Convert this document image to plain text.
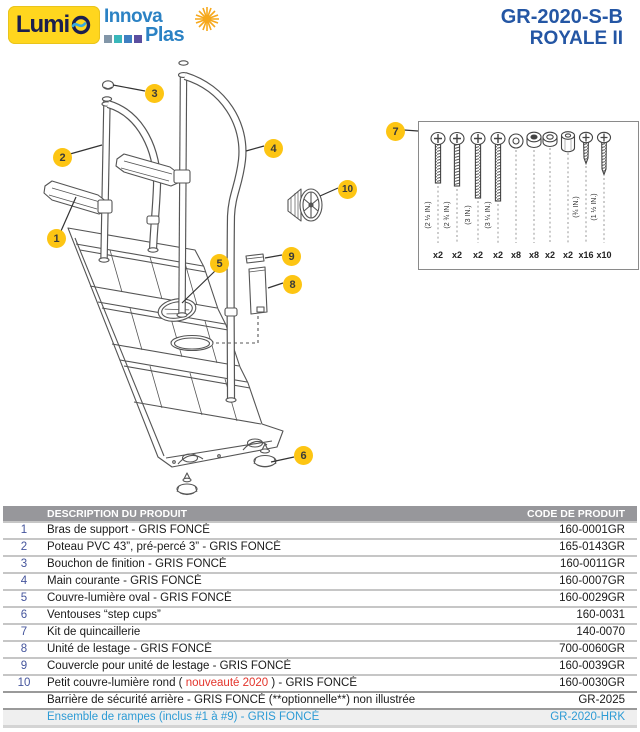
Lumi Innova
Plas
GR-2020-S-B
ROYALE II
1
2
3
4
5
6
7
8
9
10
(2 ½ IN.) (2 ¾ IN.) (3 IN.) (3 ¼ IN.)	(¾ IN.) (1 ½ IN.)
x2 x2 x2 x2 x8 x8 x2 x2 x16 x10
	DESCRIPTION DU PRODUIT	CODE DE PRODUIT
1	Bras de support - GRIS FONCÉ	160-0001GR
2	Poteau PVC 43”, pré-percé 3” - GRIS FONCÉ	165-0143GR
3	Bouchon de finition - GRIS FONCÉ	160-0011GR
4	Main courante - GRIS FONCÉ	160-0007GR
5	Couvre-lumière oval - GRIS FONCÉ	160-0029GR
6	Ventouses “step cups”	160-0031
7	Kit de quincaillerie	140-0070
8	Unité de lestage - GRIS FONCÉ	700-0060GR
9	Couvercle pour unité de lestage - GRIS FONCÉ	160-0039GR
10	Petit couvre-lumière rond ( nouveauté 2020 ) - GRIS FONCÉ	160-0030GR
	Barrière de sécurité arrière - GRIS FONCÉ (**optionnelle**) non illustrée	GR-2025
	Ensemble de rampes (inclus #1 à #9) - GRIS FONCÉ	GR-2020-HRK
